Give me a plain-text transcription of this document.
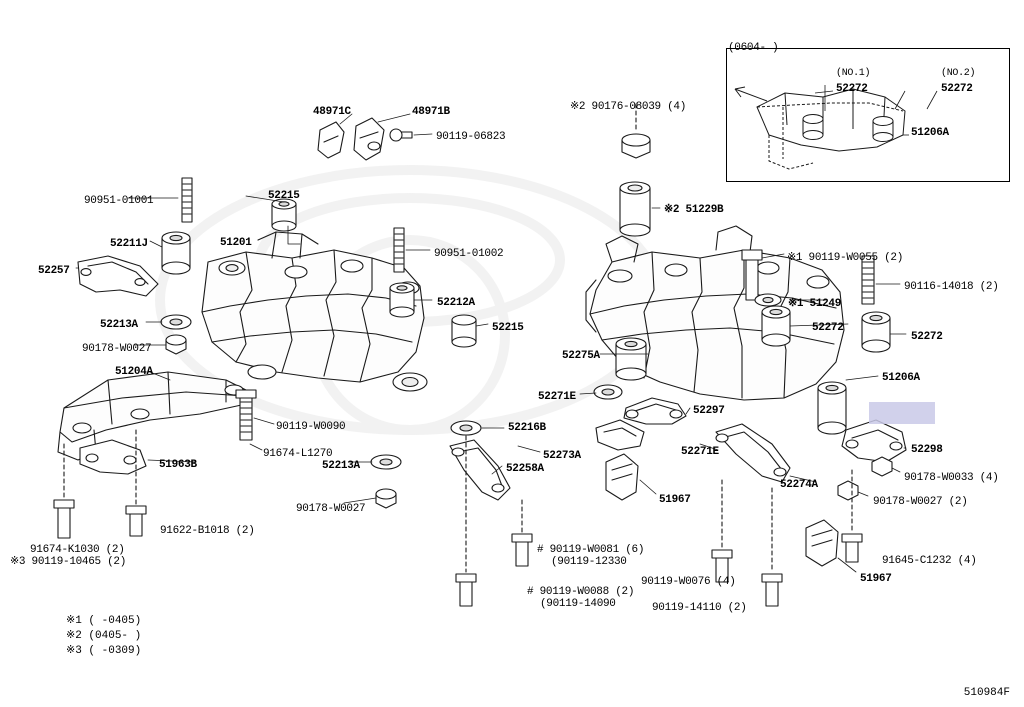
(0604- )
(NO.1)	(NO.2)
52272	52272
51206A
48971C	48971B
90119-06823
※2 90176-08039 (4)
90951-01001	52215
90951-01002
※2 51229B
52211J	51201
52257
52213A
90178-W0027
52212A
52215
51204A
52275A
52271E
52297
90119-W0090
91674-L1270
52213A
52216B
52273A
52258A
52271E
51963B
90178-W0027
51967
52274A
※1 90119-W0055 (2)
90116-14018 (2)
※1 51249
52272
52272
51206A
52298
90178-W0033 (4)
90178-W0027 (2)
91622-B1018 (2)
91674-K1030 (2)
※3 90119-10465 (2)
# 90119-W0081 (6)
(90119-12330
# 90119-W0088 (2)
(90119-14090
90119-W0076 (4)
90119-14110 (2)
91645-C1232 (4)
51967
※1 ( -0405)
※2 (0405- )
※3 ( -0309)
510984F
